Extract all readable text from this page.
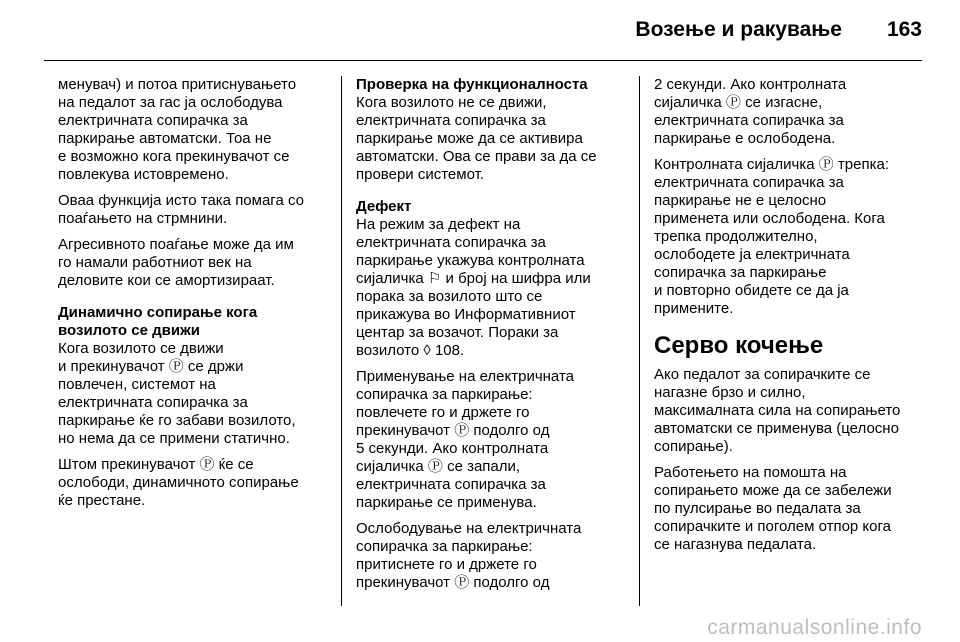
Возење и ракување 163

менувач) и потоа притиснувањето
на педалот за гас ја ослободува
електричната сопирачка за
паркирање автоматски. Тоа не
е возможно кога прекинувачот се
повлекува истовремено.

Оваа функција исто така помага со
поаѓањето на стрмнини.

Агресивното поаѓање може да им
го намали работниот век на
деловите кои се амортизираат.

Динамично сопирање кога
возилото се движи

Кога возилото се движи
и прекинувачот Ⓟ се држи
повлечен, системот на
електричната сопирачка за
паркирање ќе го забави возилото,
но нема да се примени статично.

Штом прекинувачот Ⓟ ќе се
ослободи, динамичното сопирање
ќе престане.

Проверка на функционалноста

Кога возилото не се движи,
електричната сопирачка за
паркирање може да се активира
автоматски. Ова се прави за да се
провери системот.

Дефект

На режим за дефект на
електричната сопирачка за
паркирање укажува контролната
сијаличка ⚐ и број на шифра или
порака за возилото што се
прикажува во Информативниот
центар за возачот. Пораки за
возилото ◊ 108.

Применување на електричната
сопирачка за паркирање:
повлечете го и држете го
прекинувачот Ⓟ подолго од
5 секунди. Ако контролната
сијаличка Ⓟ се запали,
електричната сопирачка за
паркирање се применува.

Ослободување на електричната
сопирачка за паркирање:
притиснете го и држете го
прекинувачот Ⓟ подолго од

2 секунди. Ако контролната
сијаличка Ⓟ се изгасне,
електричната сопирачка за
паркирање е ослободена.

Контролната сијаличка Ⓟ трепка:
електричната сопирачка за
паркирање не е целосно
применета или ослободена. Кога
трепка продолжително,
ослободете ја електричната
сопирачка за паркирање
и повторно обидете се да ја
примените.

Серво кочење

Ако педалот за сопирачките се
нагазне брзо и силно,
максималната сила на сопирањето
автоматски се применува (целосно
сопирање).

Работењето на помошта на
сопирањето може да се забележи
по пулсирање во педалата за
сопирачките и поголем отпор кога
се нагазнува педалата.

carmanualsonline.info
